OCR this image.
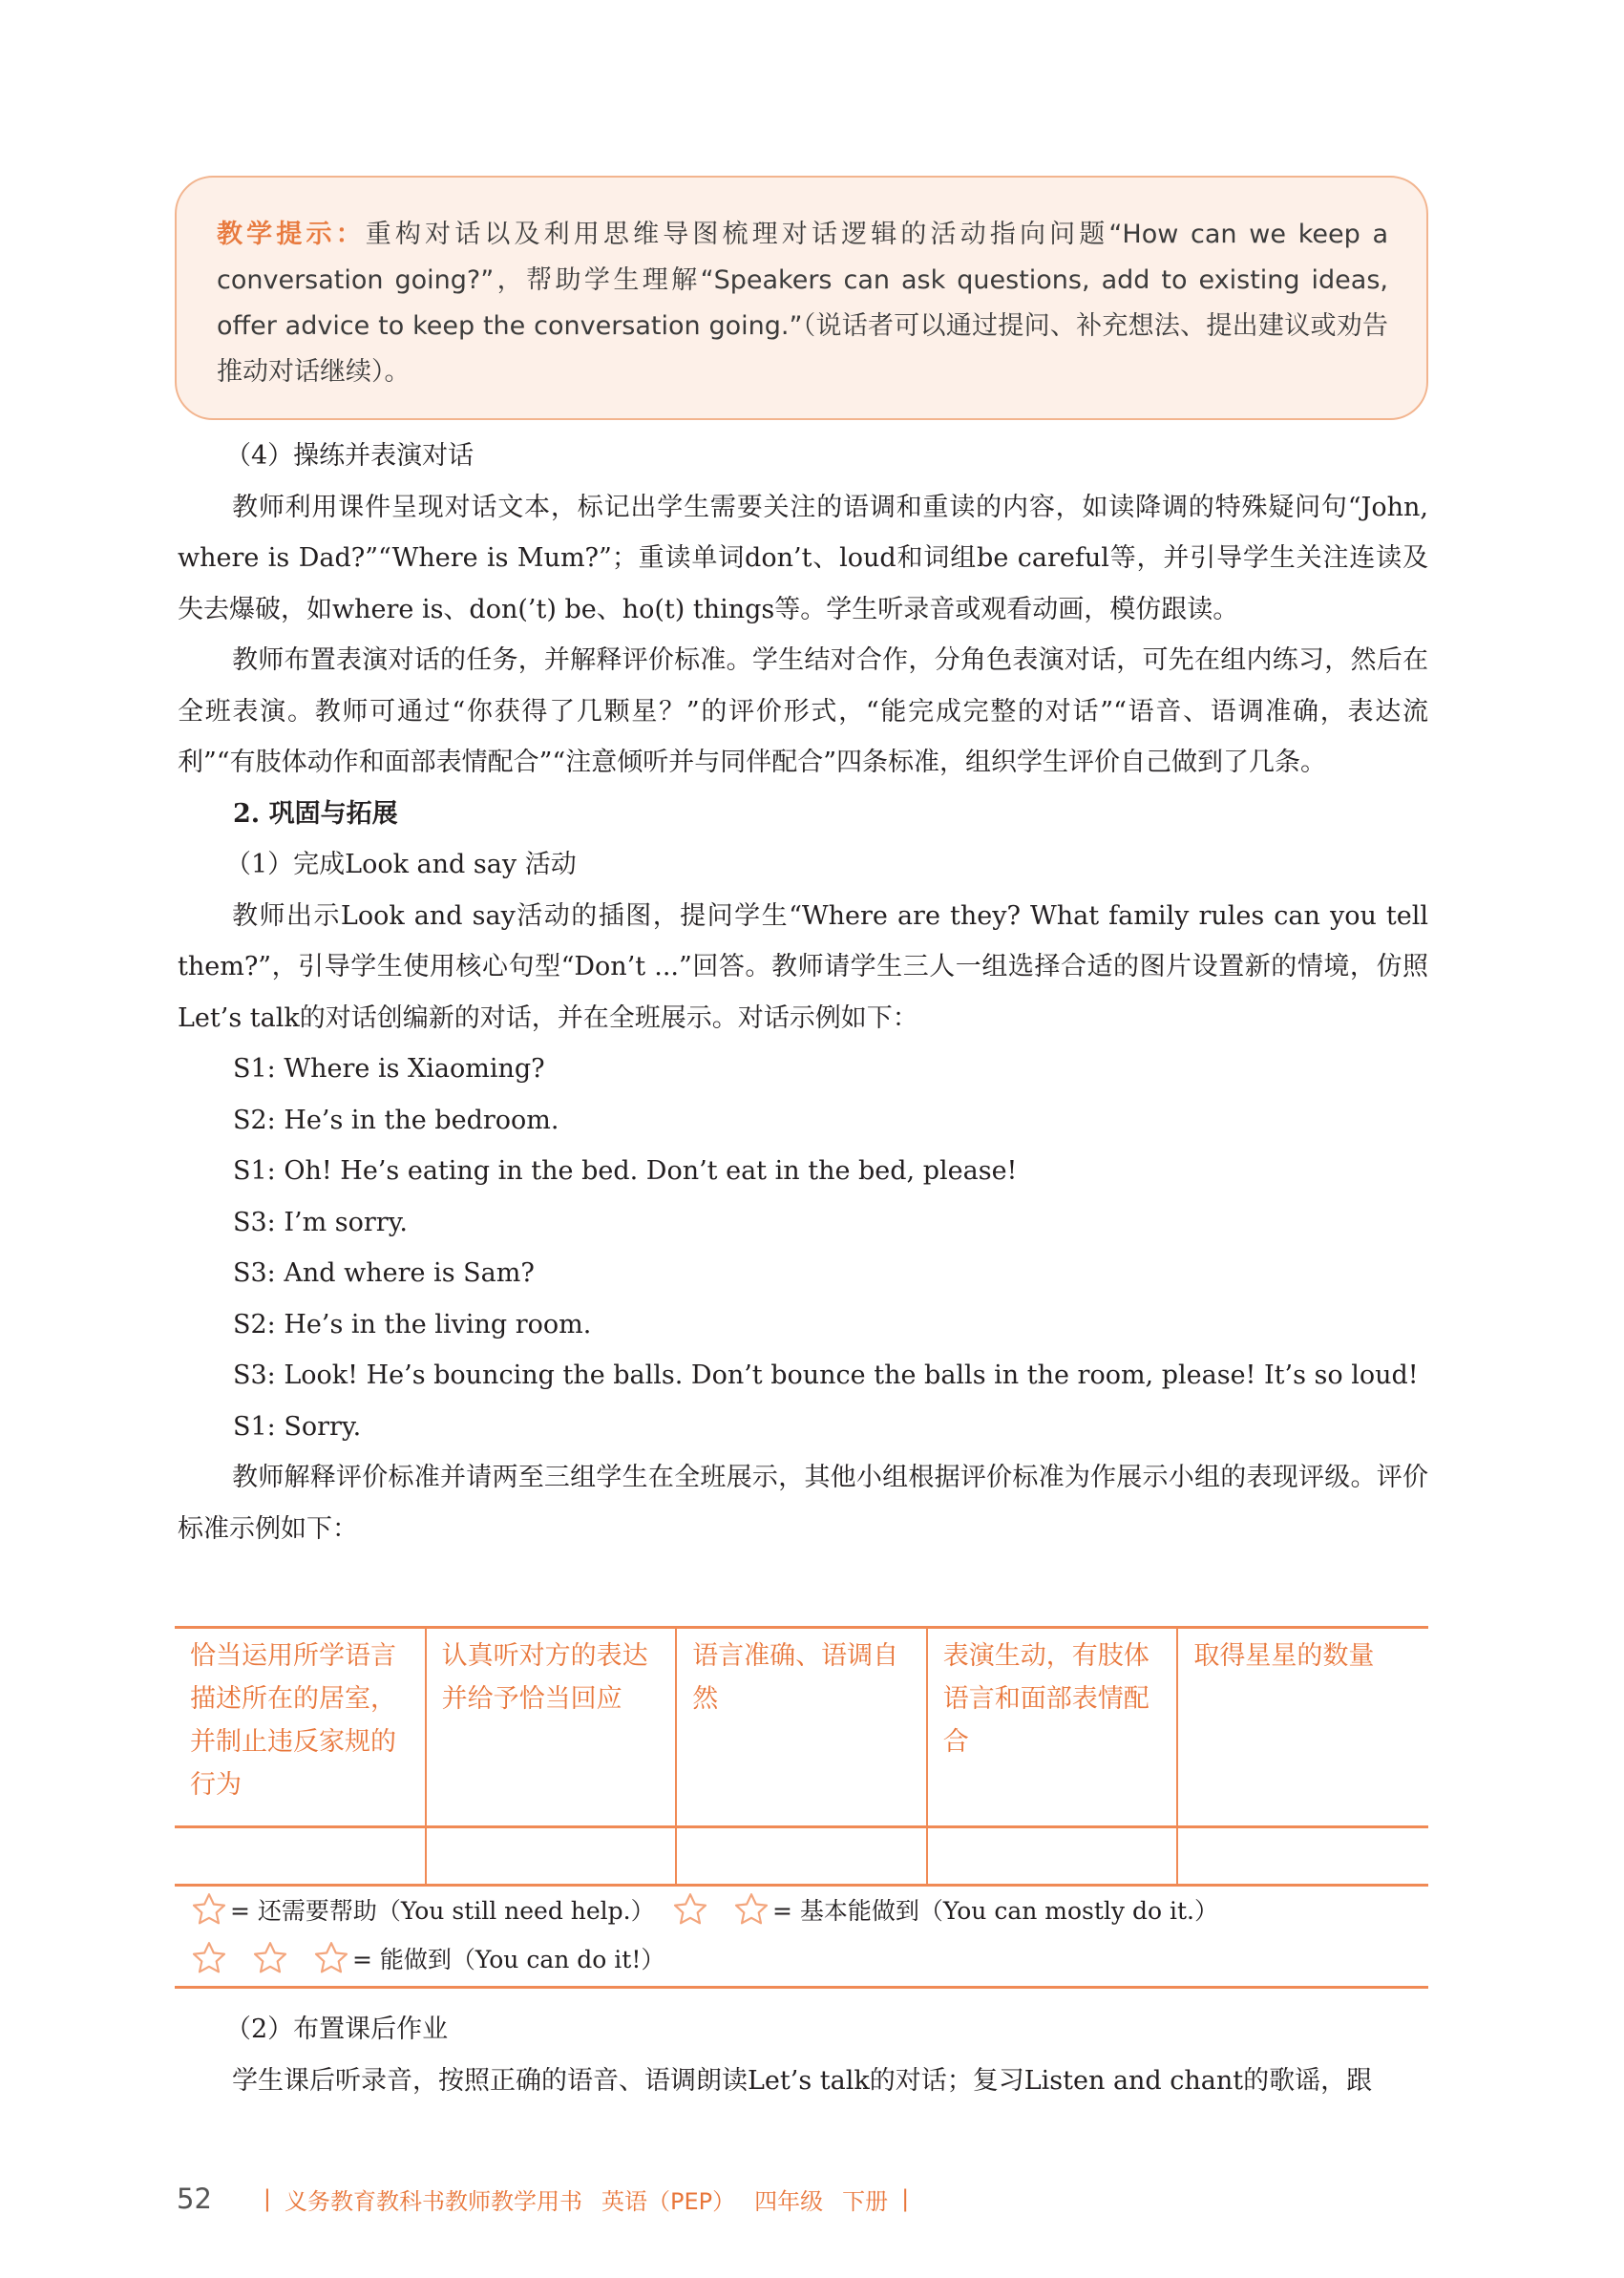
教学提示：重构对话以及利用思维导图梳理对话逻辑的活动指向问题“How can we keep a conversation going?”，帮助学生理解“Speakers can ask questions, add to existing ideas, offer advice to keep the conversation going.”（说话者可以通过提问、补充想法、提出建议或劝告推动对话继续）。

（4）操练并表演对话

教师利用课件呈现对话文本，标记出学生需要关注的语调和重读的内容，如读降调的特殊疑问句“John, where is Dad?”“Where is Mum?”；重读单词don’t、loud和词组be careful等，并引导学生关注连读及失去爆破，如where is、don(’t) be、ho(t) things等。学生听录音或观看动画，模仿跟读。

教师布置表演对话的任务，并解释评价标准。学生结对合作，分角色表演对话，可先在组内练习，然后在全班表演。教师可通过“你获得了几颗星？”的评价形式，“能完成完整的对话”“语音、语调准确，表达流利”“有肢体动作和面部表情配合”“注意倾听并与同伴配合”四条标准，组织学生评价自己做到了几条。

2. 巩固与拓展

（1）完成Look and say 活动

教师出示Look and say活动的插图，提问学生“Where are they? What family rules can you tell them?”，引导学生使用核心句型“Don’t ...”回答。教师请学生三人一组选择合适的图片设置新的情境，仿照Let’s talk的对话创编新的对话，并在全班展示。对话示例如下：

S1: Where is Xiaoming?

S2: He’s in the bedroom.

S1: Oh! He’s eating in the bed. Don’t eat in the bed, please!

S3: I’m sorry.

S3: And where is Sam?

S2: He’s in the living room.

S3: Look! He’s bouncing the balls. Don’t bounce the balls in the room, please! It’s so loud!

S1: Sorry.

教师解释评价标准并请两至三组学生在全班展示，其他小组根据评价标准为作展示小组的表现评级。评价标准示例如下：

恰当运用所学语言描述所在的居室，并制止违反家规的行为	认真听对方的表达并给予恰当回应	语言准确、语调自然	表演生动，有肢体语言和面部表情配合	取得星星的数量

= 还需要帮助（You still need help.）	= 基本能做到（You can mostly do it.）
= 能做到（You can do it!）

（2）布置课后作业

学生课后听录音，按照正确的语音、语调朗读Let’s talk的对话；复习Listen and chant的歌谣，跟

52 | 义务教育教科书教师教学用书 英语（PEP） 四年级 下册 |
